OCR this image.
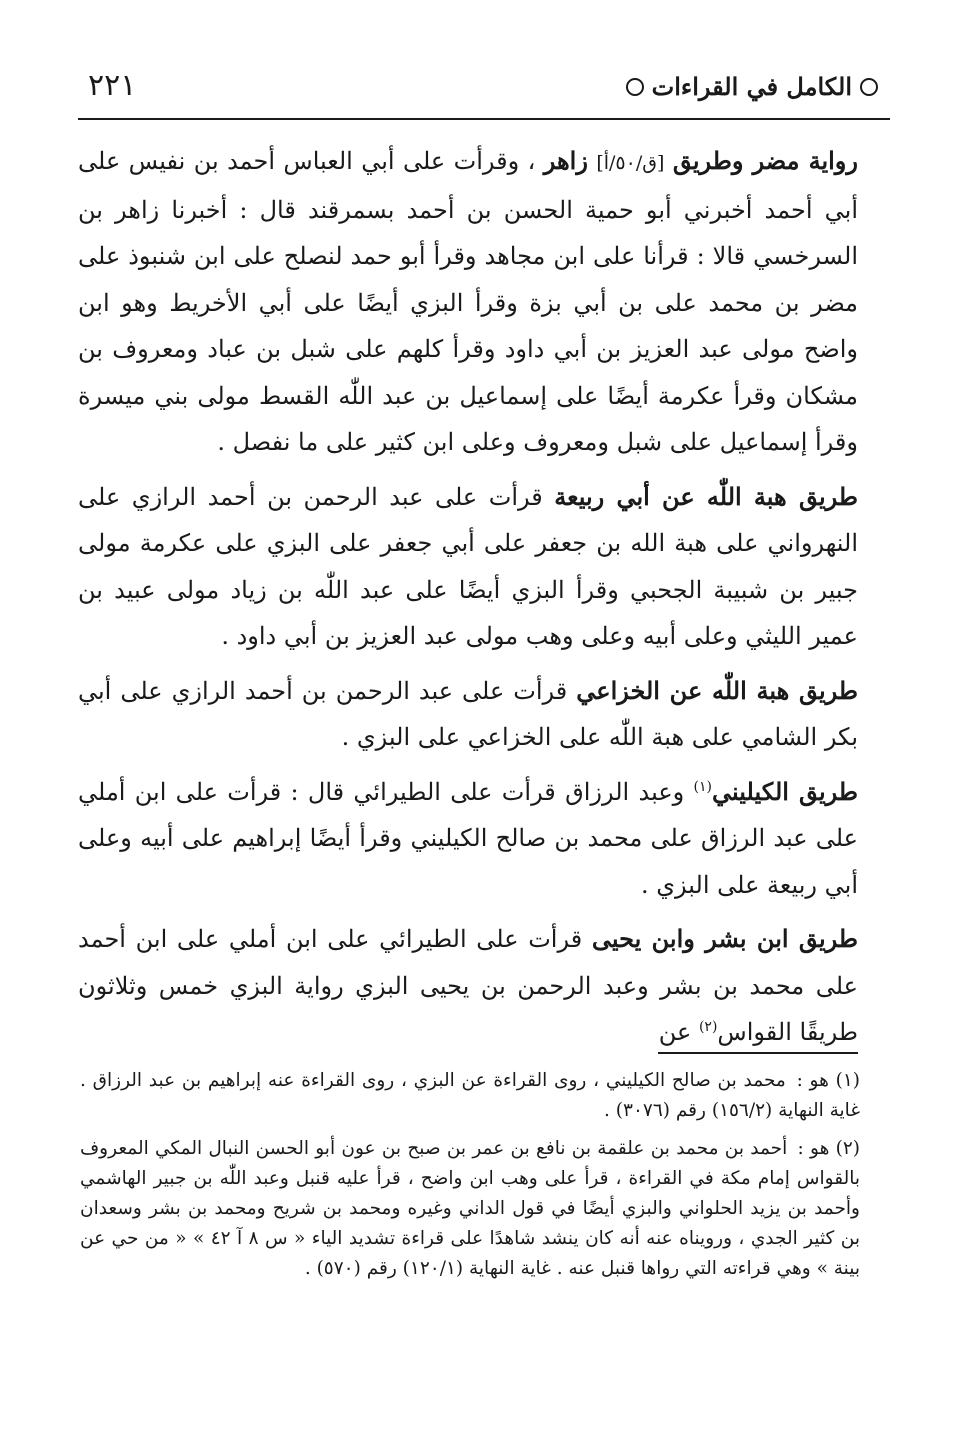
الكامل في القراءات
٢٢١

رواية مضر وطريق [ق/٥٠/أ] زاهر ، وقرأت على أبي العباس أحمد بن نفيس على أبي أحمد أخبرني أبو حمية الحسن بن أحمد بسمرقند قال : أخبرنا زاهر بن السرخسي قالا : قرأنا على ابن مجاهد وقرأ أبو حمد لنصلح على ابن شنبوذ على مضر بن محمد على بن أبي بزة وقرأ البزي أيضًا على أبي الأخريط وهو ابن واضح مولى عبد العزيز بن أبي داود وقرأ كلهم على شبل بن عباد ومعروف بن مشكان وقرأ عكرمة أيضًا على إسماعيل بن عبد اللّٰه القسط مولى بني ميسرة وقرأ إسماعيل على شبل ومعروف وعلى ابن كثير على ما نفصل .

طريق هبة اللّٰه عن أبي ربيعة قرأت على عبد الرحمن بن أحمد الرازي على النهرواني على هبة الله بن جعفر على أبي جعفر على البزي على عكرمة مولى جبير بن شبيبة الجحبي وقرأ البزي أيضًا على عبد اللّٰه بن زياد مولى عبيد بن عمير الليثي وعلى أبيه وعلى وهب مولى عبد العزيز بن أبي داود .

طريق هبة اللّٰه عن الخزاعي قرأت على عبد الرحمن بن أحمد الرازي على أبي بكر الشامي على هبة اللّٰه على الخزاعي على البزي .

طريق الكيليني$^{(١)}$ وعبد الرزاق قرأت على الطيرائي قال : قرأت على ابن أملي على عبد الرزاق على محمد بن صالح الكيليني وقرأ أيضًا إبراهيم على أبيه وعلى أبي ربيعة على البزي .

طريق ابن بشر وابن يحيى قرأت على الطيرائي على ابن أملي على ابن أحمد على محمد بن بشر وعبد الرحمن بن يحيى البزي رواية البزي خمس وثلاثون طريقًا القواس$^{(٢)}$ عن

(١) هو : محمد بن صالح الكيليني ، روى القراءة عن البزي ، روى القراءة عنه إبراهيم بن عبد الرزاق . غاية النهاية (١٥٦/٢) رقم (٣٠٧٦) .

(٢) هو : أحمد بن محمد بن علقمة بن نافع بن عمر بن صبح بن عون أبو الحسن النبال المكي المعروف بالقواس إمام مكة في القراءة ، قرأ على وهب ابن واضح ، قرأ عليه قنبل وعبد اللّٰه بن جبير الهاشمي وأحمد بن يزيد الحلواني والبزي أيضًا في قول الداني وغيره ومحمد بن شريح ومحمد بن بشر وسعدان بن كثير الجدي ، ورويناه عنه أنه كان ينشد شاهدًا على قراءة تشديد الياء « س ٨ آ ٤٢ » « من حي عن بينة » وهي قراءته التي رواها قنبل عنه . غاية النهاية (١٢٠/١) رقم (٥٧٠) .
